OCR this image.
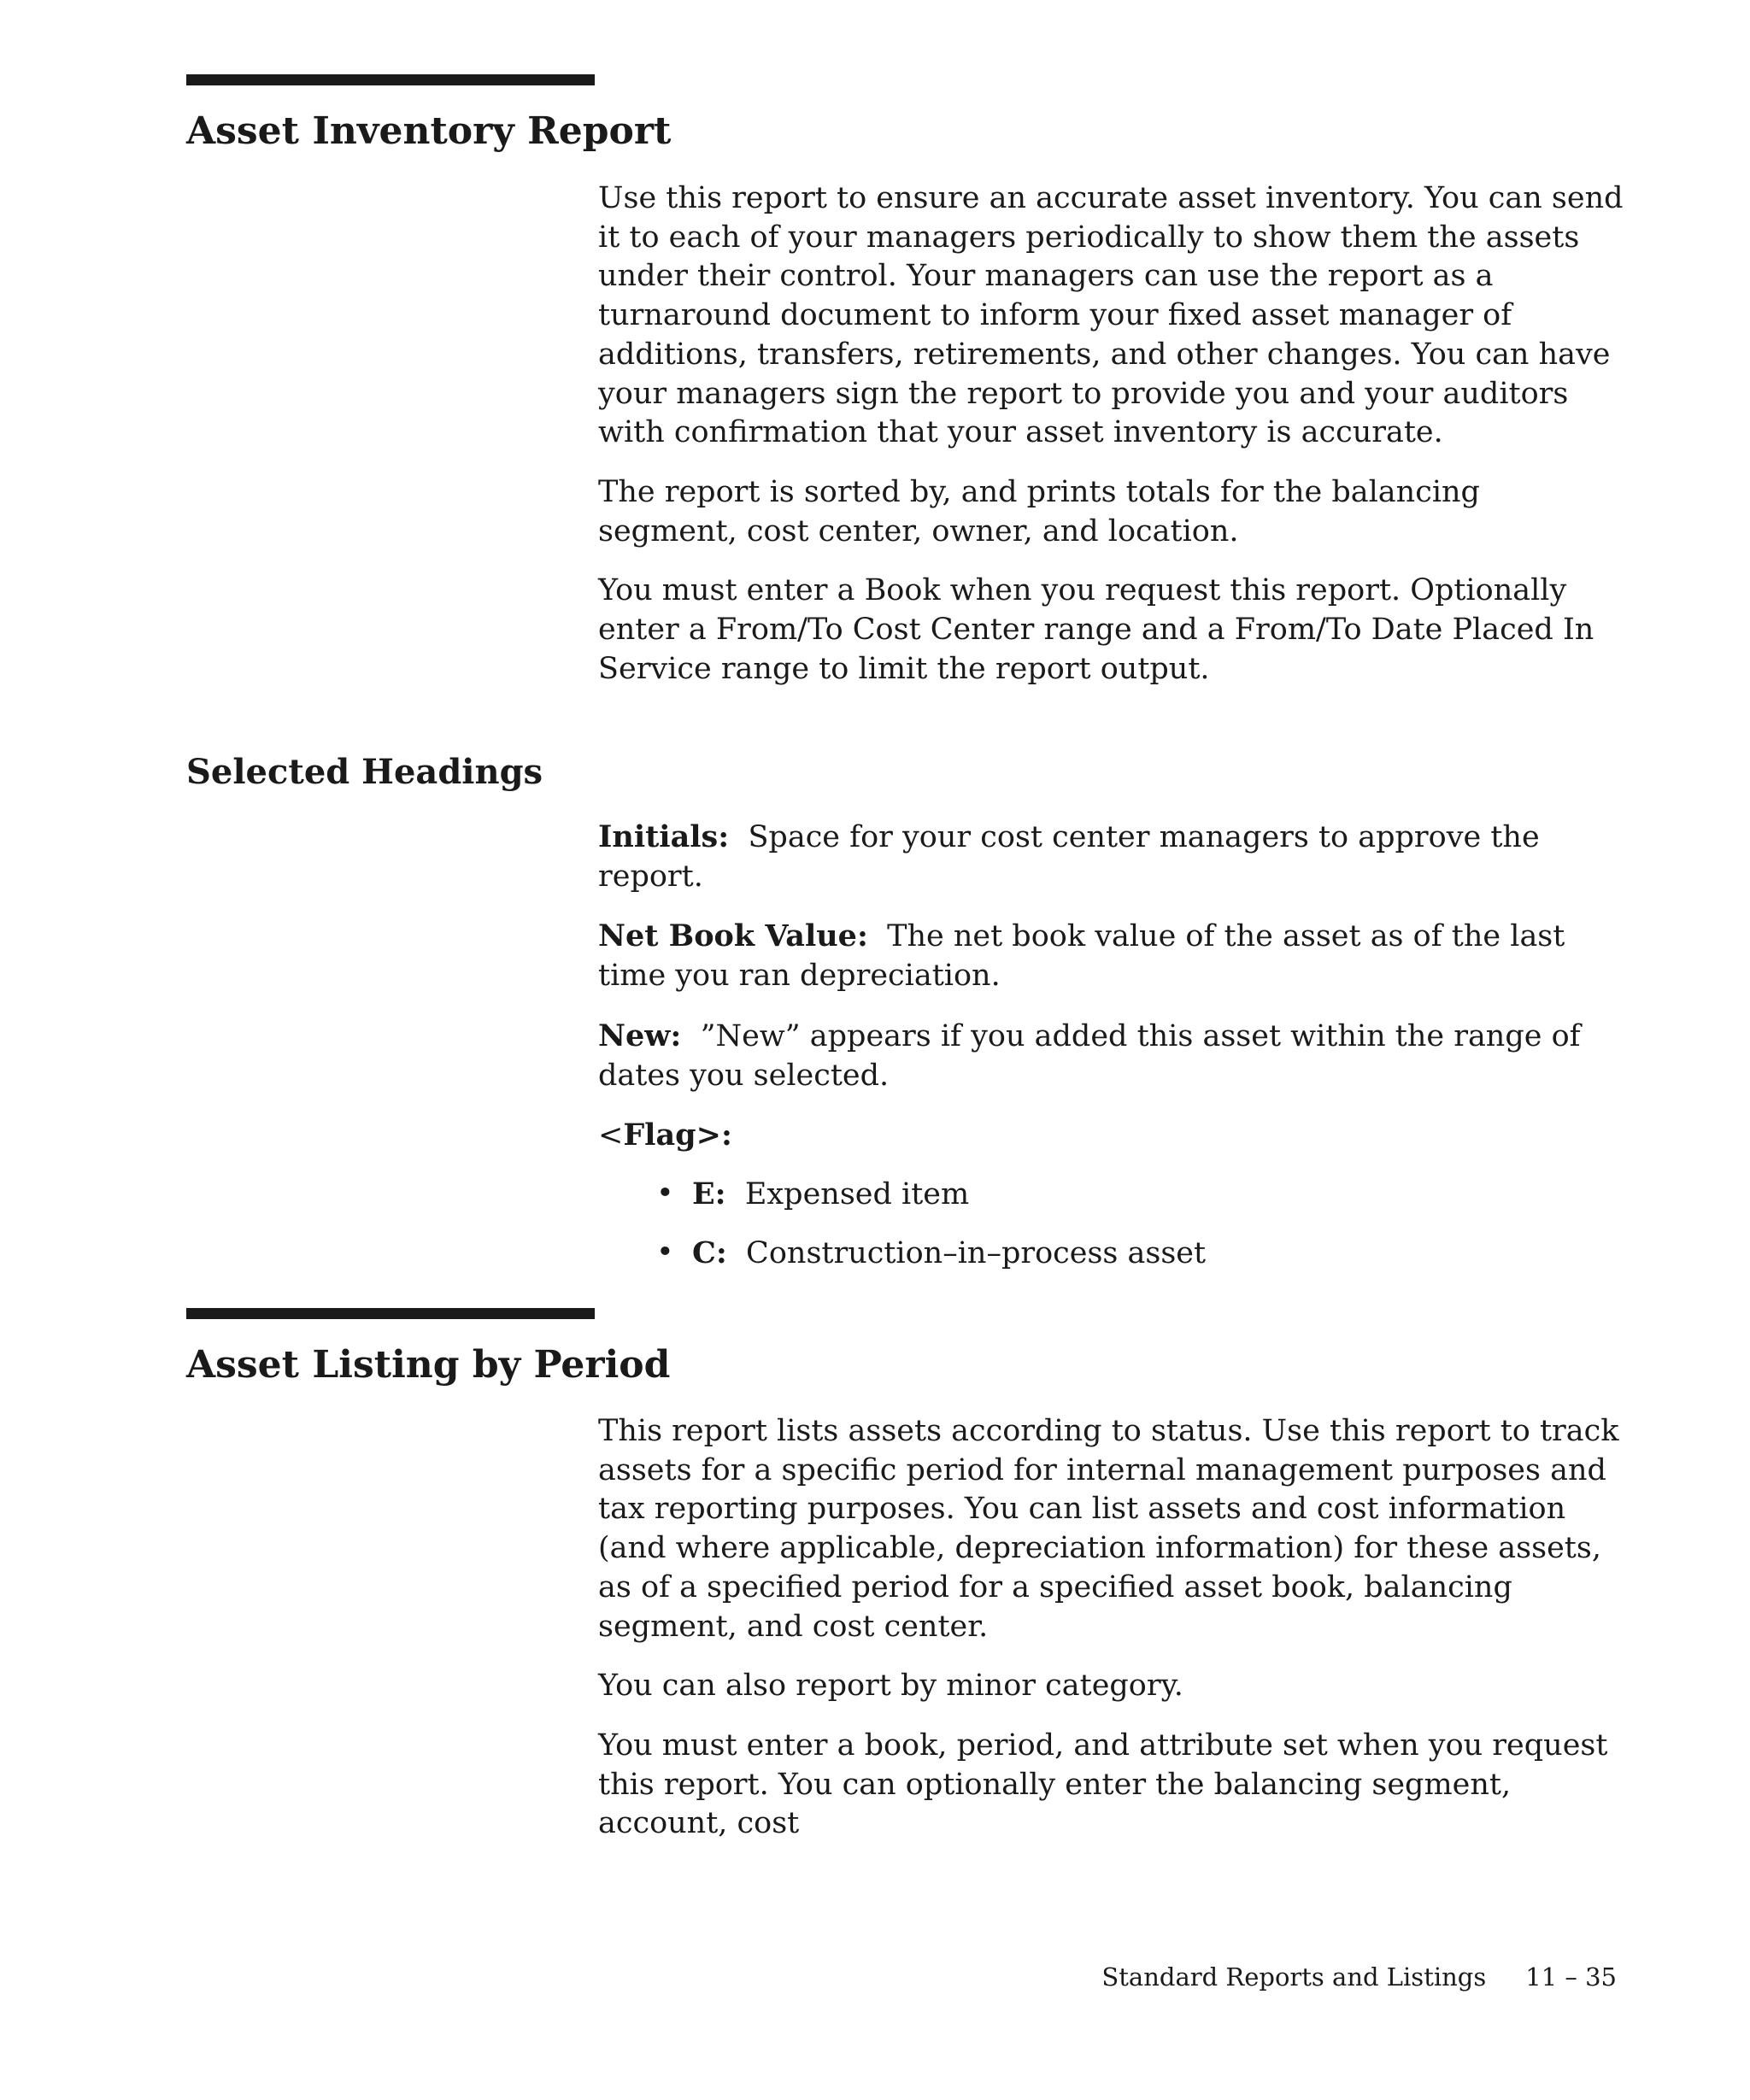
Asset Inventory Report

Use this report to ensure an accurate asset inventory. You can send it to each of your managers periodically to show them the assets under their control. Your managers can use the report as a turnaround document to inform your fixed asset manager of additions, transfers, retirements, and other changes. You can have your managers sign the report to provide you and your auditors with confirmation that your asset inventory is accurate.

The report is sorted by, and prints totals for the balancing segment, cost center, owner, and location.

You must enter a Book when you request this report. Optionally enter a From/To Cost Center range and a From/To Date Placed In Service range to limit the report output.

Selected Headings

Initials: Space for your cost center managers to approve the report.

Net Book Value: The net book value of the asset as of the last time you ran depreciation.

New: ”New” appears if you added this asset within the range of dates you selected.

<Flag>:

• E: Expensed item
• C: Construction–in–process asset
Asset Listing by Period

This report lists assets according to status. Use this report to track assets for a specific period for internal management purposes and tax reporting purposes. You can list assets and cost information (and where applicable, depreciation information) for these assets, as of a specified period for a specified asset book, balancing segment, and cost center.

You can also report by minor category.

You must enter a book, period, and attribute set when you request this report. You can optionally enter the balancing segment, account, cost

Standard Reports and Listings 11 – 35
